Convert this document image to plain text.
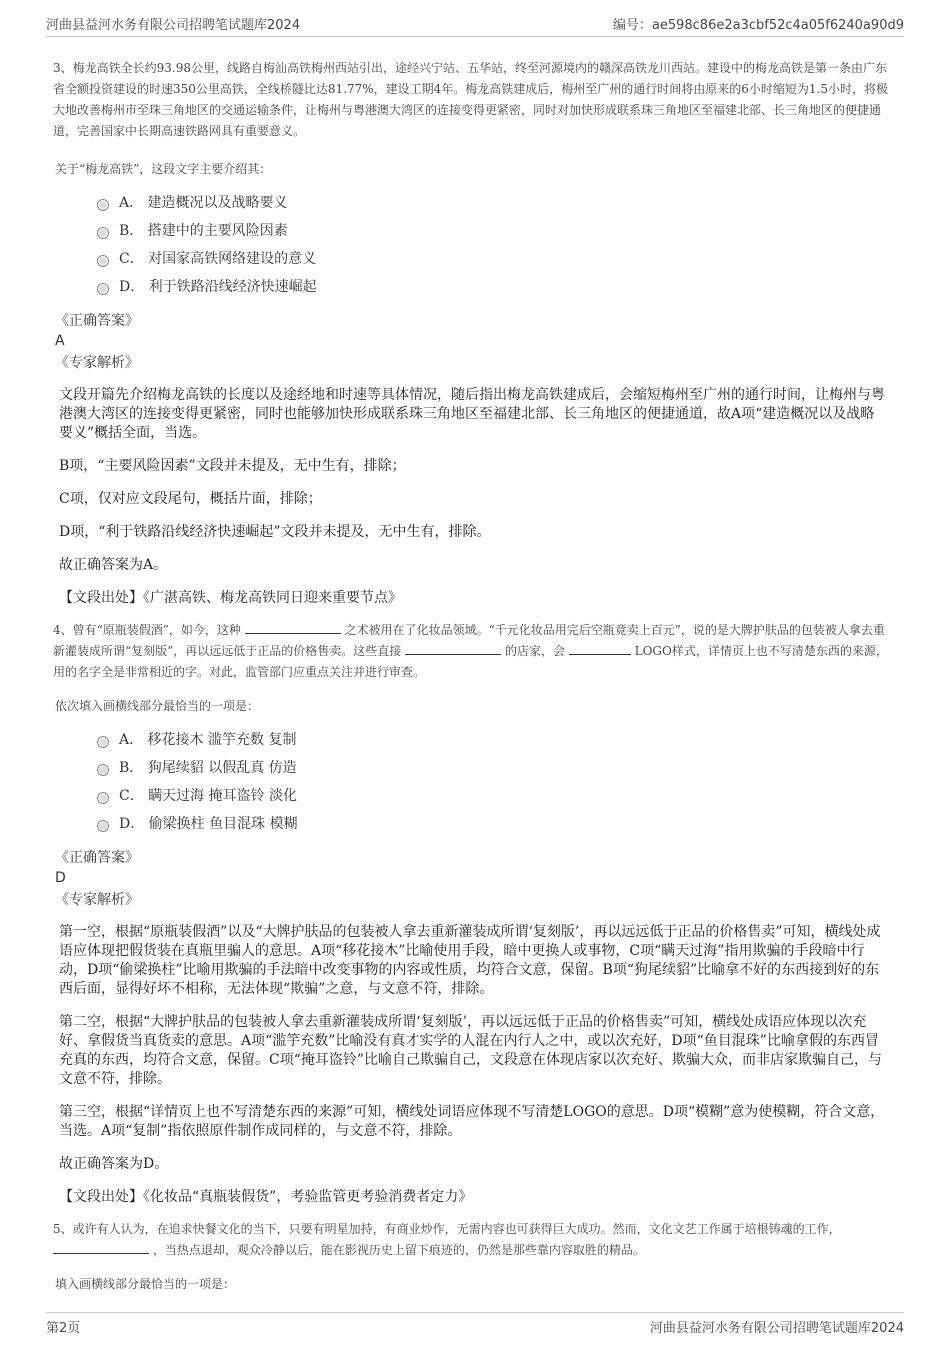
河曲县益河水务有限公司招聘笔试题库2024	编号：ae598c86e2a3cbf52c4a05f6240a90d9
3、梅龙高铁全长约93.98公里，线路自梅汕高铁梅州西站引出，途经兴宁站、五华站，终至河源境内的赣深高铁龙川西站。建设中的梅龙高铁是第一条由广东省全额投资建设的时速350公里高铁，全线桥隧比达81.77%，建设工期4年。梅龙高铁建成后，梅州至广州的通行时间将由原来的6小时缩短为1.5小时，将极大地改善梅州市至珠三角地区的交通运输条件，让梅州与粤港澳大湾区的连接变得更紧密，同时对加快形成联系珠三角地区至福建北部、长三角地区的便捷通道，完善国家中长期高速铁路网具有重要意义。
关于“梅龙高铁”，这段文字主要介绍其：
A． 建造概况以及战略要义
B． 搭建中的主要风险因素
C． 对国家高铁网络建设的意义
D． 利于铁路沿线经济快速崛起
《正确答案》
A
《专家解析》
文段开篇先介绍梅龙高铁的长度以及途经地和时速等具体情况，随后指出梅龙高铁建成后，会缩短梅州至广州的通行时间，让梅州与粤港澳大湾区的连接变得更紧密，同时也能够加快形成联系珠三角地区至福建北部、长三角地区的便捷通道，故A项“建造概况以及战略要义”概括全面，当选。
B项，“主要风险因素”文段并未提及，无中生有，排除；
C项，仅对应文段尾句，概括片面，排除；
D项，“利于铁路沿线经济快速崛起”文段并未提及，无中生有，排除。
故正确答案为A。
【文段出处】《广湛高铁、梅龙高铁同日迎来重要节点》
4、曾有“原瓶装假酒”，如今，这种	之术被用在了化妆品领域。“千元化妆品用完后空瓶竟卖上百元”，说的是大牌护肤品的包装被人拿去重新灌装成所谓“复刻版”，再以远远低于正品的价格售卖。这些直接	的店家，会	LOGO样式，详情页上也不写清楚东西的来源，用的名字全是非常相近的字。对此，监管部门应重点关注并进行审查。
依次填入画横线部分最恰当的一项是：
A． 移花接木 滥竽充数 复制
B． 狗尾续貂 以假乱真 仿造
C． 瞒天过海 掩耳盗铃 淡化
D． 偷梁换柱 鱼目混珠 模糊
《正确答案》
D
《专家解析》
第一空，根据“原瓶装假酒”以及“大牌护肤品的包装被人拿去重新灌装成所谓‘复刻版’，再以远远低于正品的价格售卖”可知，横线处成语应体现把假货装在真瓶里骗人的意思。A项“移花接木”比喻使用手段，暗中更换人或事物，C项“瞒天过海”指用欺骗的手段暗中行动，D项“偷梁换柱”比喻用欺骗的手法暗中改变事物的内容或性质，均符合文意，保留。B项“狗尾续貂”比喻拿不好的东西接到好的东西后面，显得好坏不相称，无法体现“欺骗”之意，与文意不符，排除。
第二空，根据“大牌护肤品的包装被人拿去重新灌装成所谓‘复刻版’，再以远远低于正品的价格售卖”可知，横线处成语应体现以次充好、拿假货当真货卖的意思。A项“滥竽充数”比喻没有真才实学的人混在内行人之中，或以次充好，D项“鱼目混珠”比喻拿假的东西冒充真的东西，均符合文意，保留。C项“掩耳盗铃”比喻自己欺骗自己，文段意在体现店家以次充好、欺骗大众，而非店家欺骗自己，与文意不符，排除。
第三空，根据“详情页上也不写清楚东西的来源”可知，横线处词语应体现不写清楚LOGO的意思。D项“模糊”意为使模糊，符合文意，当选。A项“复制”指依照原件制作成同样的，与文意不符，排除。
故正确答案为D。
【文段出处】《化妆品“真瓶装假货”，考验监管更考验消费者定力》
5、或许有人认为，在追求快餐文化的当下，只要有明星加持，有商业炒作，无需内容也可获得巨大成功。然而，文化文艺工作属于培根铸魂的工作，  ，当热点退却，观众冷静以后，能在影视历史上留下痕迹的，仍然是那些靠内容取胜的精品。
填入画横线部分最恰当的一项是：
第2页	河曲县益河水务有限公司招聘笔试题库2024
